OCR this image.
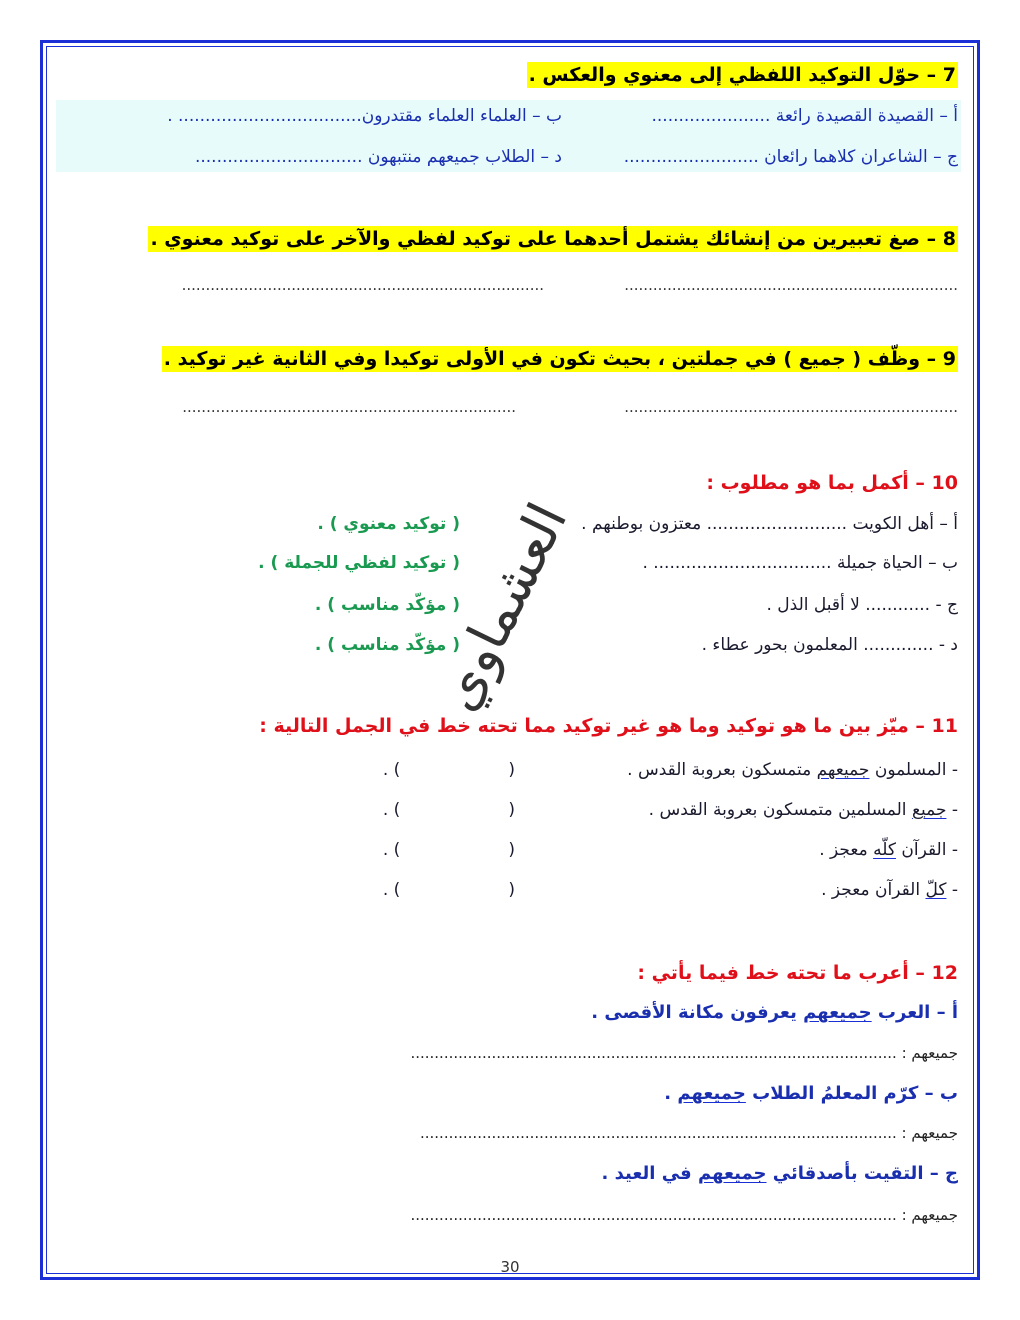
7 – حوّل التوكيد اللفظي إلى معنوي والعكس .
أ – القصيدة القصيدة رائعة ......................
ب – العلماء العلماء مقتدرون.................................. .
ج – الشاعران كلاهما رائعان .........................
د – الطلاب جميعهم منتبهون ...............................
8 – صغ تعبيرين من إنشائك يشتمل أحدهما على توكيد لفظي والآخر على توكيد معنوي .
......................................................................
............................................................................
9 – وظّف ( جميع ) في جملتين ، بحيث تكون في الأولى توكيدا وفي الثانية غير توكيد .
......................................................................
......................................................................
10 – أكمل بما هو مطلوب :
أ – أهل الكويت .......................... معتزون بوطنهم .
( توكيد معنوي ) .
ب – الحياة جميلة ................................. .
( توكيد لفظي للجملة ) .
ج - ............ لا أقبل الذل .
( مؤكّد مناسب ) .
د - ............. المعلمون بحور عطاء .
( مؤكّد مناسب ) .
11 – ميّز بين ما هو توكيد وما هو غير توكيد مما تحته خط في الجمل التالية :
- المسلمون جميعهم متمسكون بعروبة القدس .
(                    ) .
- جميع المسلمين متمسكون بعروبة القدس .
(                    ) .
- القرآن كلّه معجز .
(                    ) .
- كلّ القرآن معجز .
(                    ) .
12 – أعرب ما تحته خط فيما يأتي :
أ – العرب جميعهم يعرفون مكانة الأقصى .
جميعهم : ......................................................................................................
ب – كرّم المعلمُ الطلاب جميعهم .
جميعهم : ....................................................................................................
ج – التقيت بأصدقائي جميعهم في العيد .
جميعهم : ......................................................................................................
العشماوي
30
